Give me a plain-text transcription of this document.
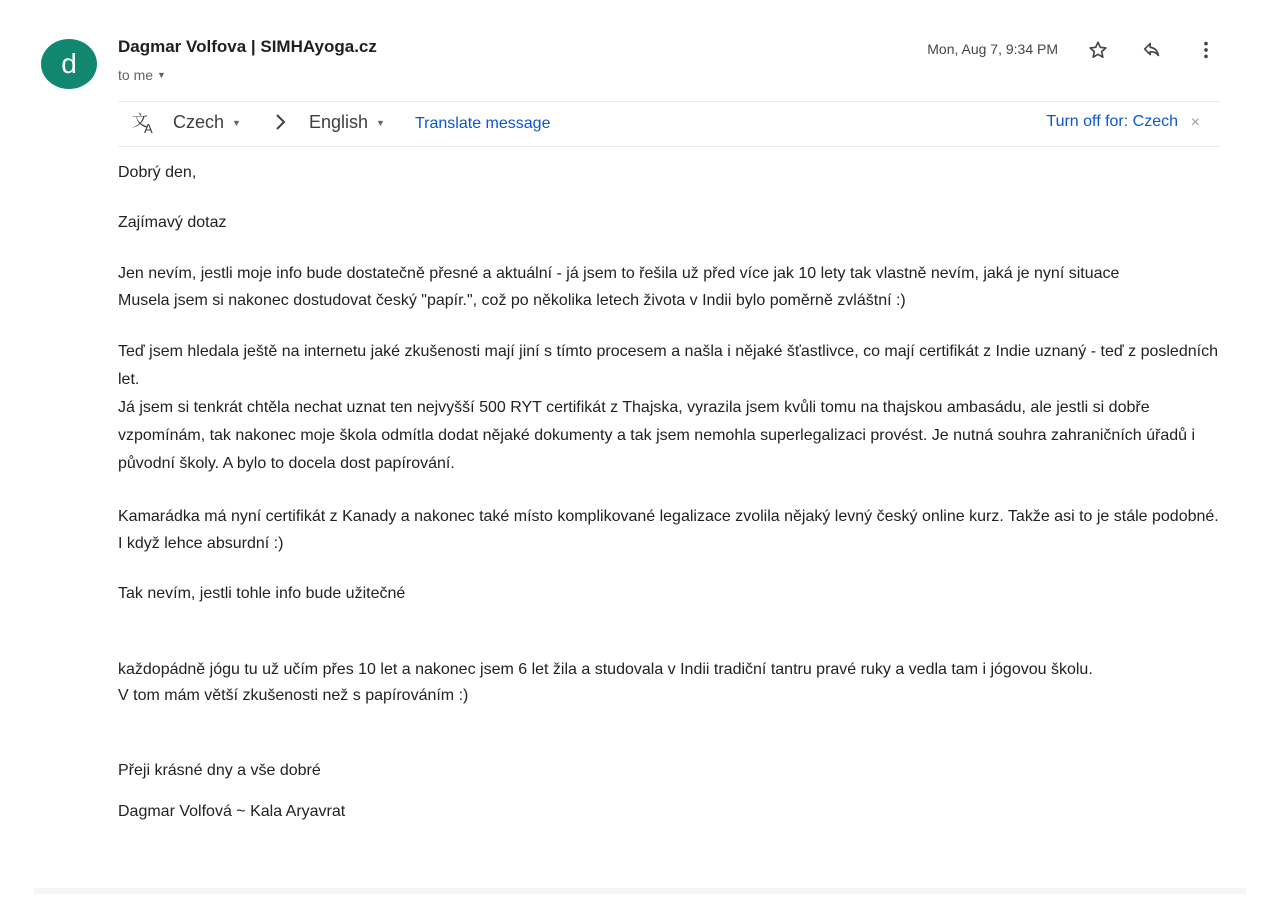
d
Dagmar Volfova | SIMHAyoga.cz
to me ▼
Mon, Aug 7, 9:34 PM
文
A Czech ▼	English ▼ Translate message	Turn off for: Czech ×

Dobrý den,

Zajímavý dotaz

Jen nevím, jestli moje info bude dostatečně přesné a aktuální - já jsem to řešila už před více jak 10 lety tak vlastně nevím, jaká je nyní situace

Musela jsem si nakonec dostudovat český "papír.", což po několika letech života v Indii bylo poměrně zvláštní :)

Teď jsem hledala ještě na internetu jaké zkušenosti mají jiní s tímto procesem a našla i nějaké šťastlivce, co mají certifikát z Indie uznaný - teď z posledních let.

Já jsem si tenkrát chtěla nechat uznat ten nejvyšší 500 RYT certifikát z Thajska, vyrazila jsem kvůli tomu na thajskou ambasádu, ale jestli si dobře vzpomínám, tak nakonec moje škola odmítla dodat nějaké dokumenty a tak jsem nemohla superlegalizaci provést. Je nutná souhra zahraničních úřadů i původní školy. A bylo to docela dost papírování.

Kamarádka má nyní certifikát z Kanady a nakonec také místo komplikované legalizace zvolila nějaký levný český online kurz. Takže asi to je stále podobné.

I když lehce absurdní :)

Tak nevím, jestli tohle info bude užitečné

každopádně jógu tu už učím přes 10 let a nakonec jsem 6 let žila a studovala v Indii tradiční tantru pravé ruky a vedla tam i jógovou školu.

V tom mám větší zkušenosti než s papírováním :)

Přeji krásné dny a vše dobré

Dagmar Volfová ~ Kala Aryavrat
